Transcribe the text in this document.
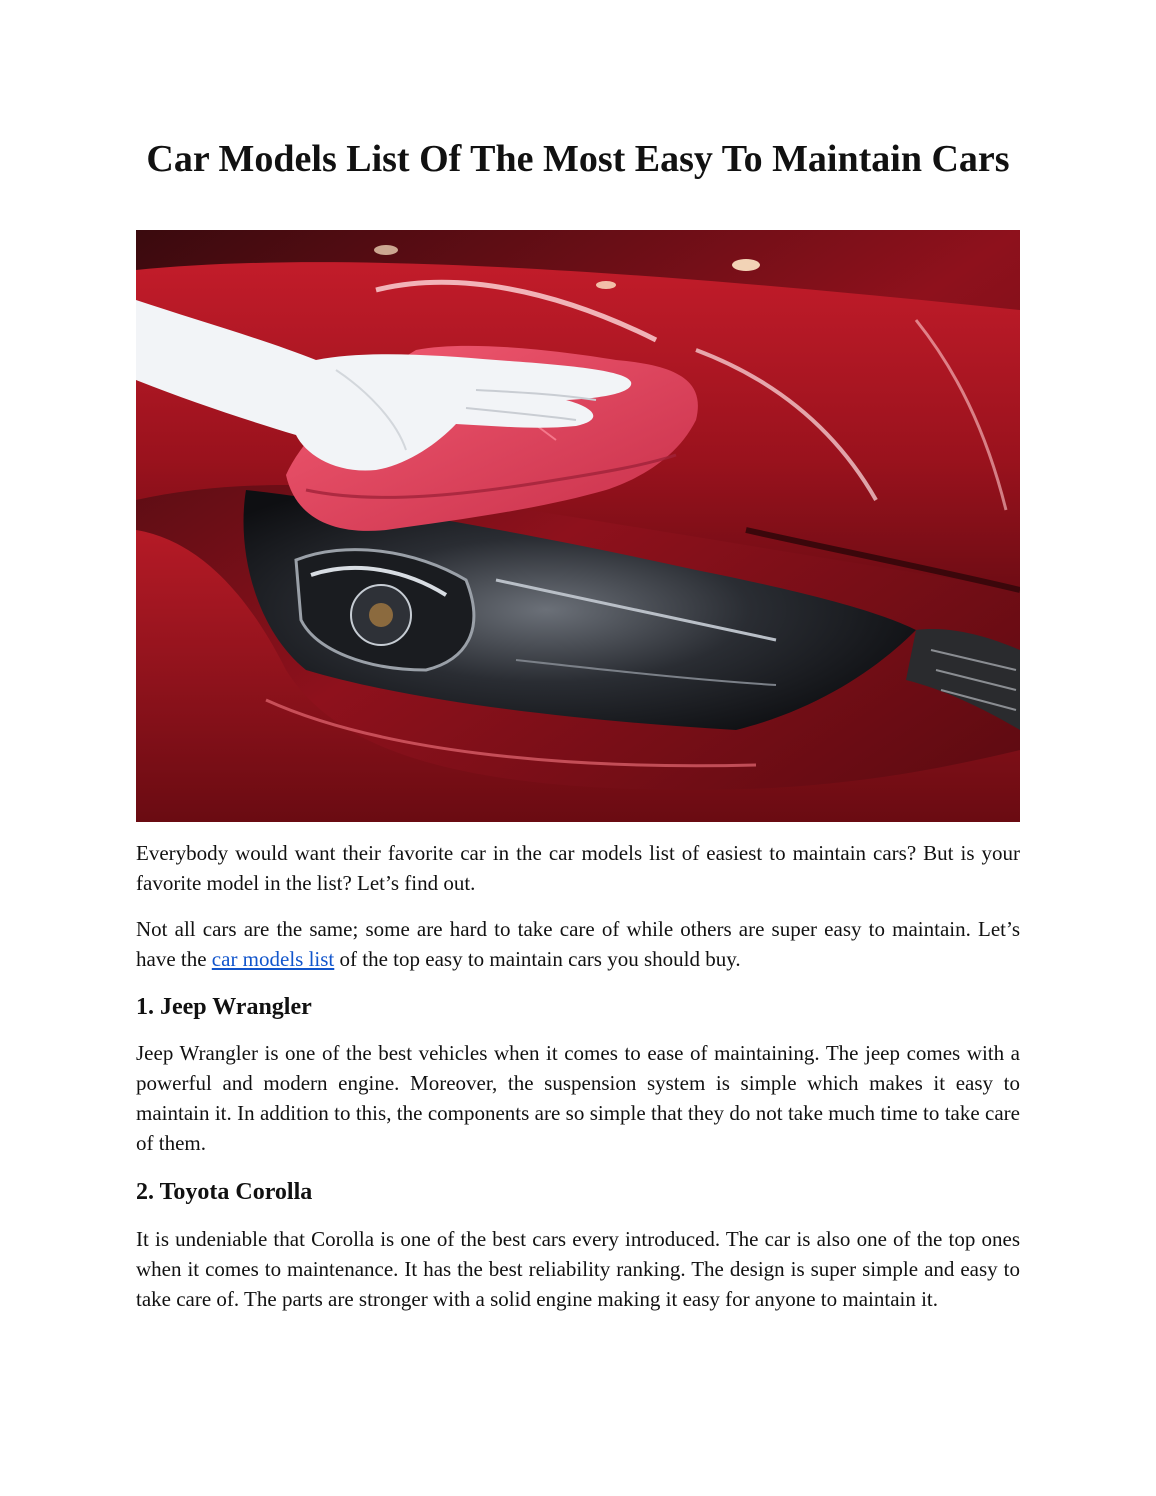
Car Models List Of The Most Easy To Maintain Cars

Everybody would want their favorite car in the car models list of easiest to maintain cars? But is your favorite model in the list? Let’s find out.

Not all cars are the same; some are hard to take care of while others are super easy to maintain. Let’s have the car models list of the top easy to maintain cars you should buy.

1. Jeep Wrangler

Jeep Wrangler is one of the best vehicles when it comes to ease of maintaining. The jeep comes with a powerful and modern engine. Moreover, the suspension system is simple which makes it easy to maintain it. In addition to this, the components are so simple that they do not take much time to take care of them.

2. Toyota Corolla

It is undeniable that Corolla is one of the best cars every introduced. The car is also one of the top ones when it comes to maintenance. It has the best reliability ranking. The design is super simple and easy to take care of. The parts are stronger with a solid engine making it easy for anyone to maintain it.
